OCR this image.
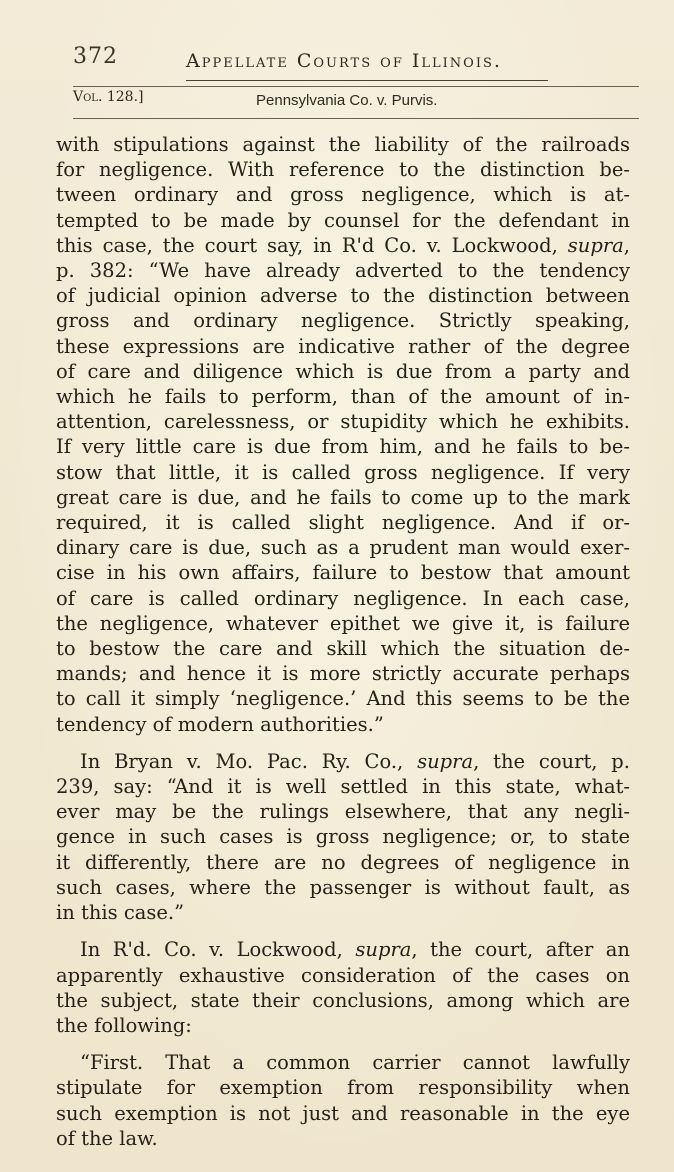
372	Appellate Courts of Illinois.
Vol. 128.]	Pennsylvania Co. v. Purvis.

with stipulations against the liability of the railroads
for negligence. With reference to the distinction be-
tween ordinary and gross negligence, which is at-
tempted to be made by counsel for the defendant in
this case, the court say, in R'd Co. v. Lockwood, supra,
p. 382: “We have already adverted to the tendency
of judicial opinion adverse to the distinction between
gross and ordinary negligence. Strictly speaking,
these expressions are indicative rather of the degree
of care and diligence which is due from a party and
which he fails to perform, than of the amount of in-
attention, carelessness, or stupidity which he exhibits.
If very little care is due from him, and he fails to be-
stow that little, it is called gross negligence. If very
great care is due, and he fails to come up to the mark
required, it is called slight negligence. And if or-
dinary care is due, such as a prudent man would exer-
cise in his own affairs, failure to bestow that amount
of care is called ordinary negligence. In each case,
the negligence, whatever epithet we give it, is failure
to bestow the care and skill which the situation de-
mands; and hence it is more strictly accurate perhaps
to call it simply ‘negligence.’ And this seems to be the
tendency of modern authorities.”

In Bryan v. Mo. Pac. Ry. Co., supra, the court, p.
239, say: “And it is well settled in this state, what-
ever may be the rulings elsewhere, that any negli-
gence in such cases is gross negligence; or, to state
it differently, there are no degrees of negligence in
such cases, where the passenger is without fault, as
in this case.”

In R'd. Co. v. Lockwood, supra, the court, after an
apparently exhaustive consideration of the cases on
the subject, state their conclusions, among which are
the following:

“First. That a common carrier cannot lawfully
stipulate for exemption from responsibility when
such exemption is not just and reasonable in the eye
of the law.
